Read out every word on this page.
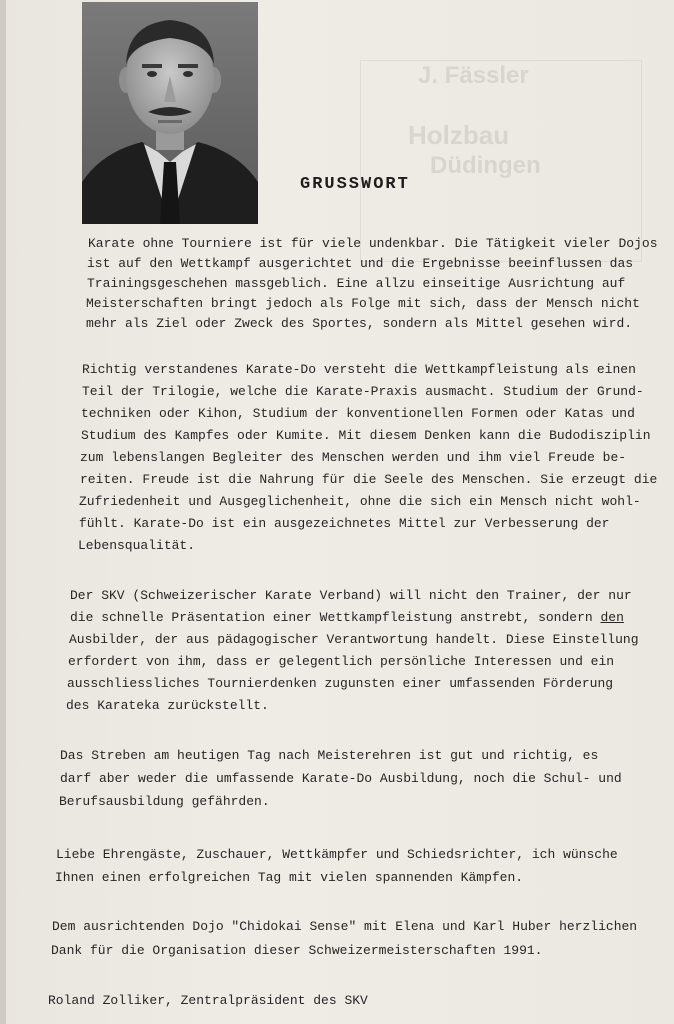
J. Fässler
Holzbau
Düdingen
GRUSSWORT
Karate ohne Tourniere ist für viele undenkbar. Die Tätigkeit vieler Dojos
ist auf den Wettkampf ausgerichtet und die Ergebnisse beeinflussen das
Trainingsgeschehen massgeblich. Eine allzu einseitige Ausrichtung auf
Meisterschaften bringt jedoch als Folge mit sich, dass der Mensch nicht
mehr als Ziel oder Zweck des Sportes, sondern als Mittel gesehen wird.
Richtig verstandenes Karate-Do versteht die Wettkampfleistung als einen
Teil der Trilogie, welche die Karate-Praxis ausmacht. Studium der Grund-
techniken oder Kihon, Studium der konventionellen Formen oder Katas und
Studium des Kampfes oder Kumite. Mit diesem Denken kann die Budodisziplin
zum lebenslangen Begleiter des Menschen werden und ihm viel Freude be-
reiten. Freude ist die Nahrung für die Seele des Menschen. Sie erzeugt die
Zufriedenheit und Ausgeglichenheit, ohne die sich ein Mensch nicht wohl-
fühlt. Karate-Do ist ein ausgezeichnetes Mittel zur Verbesserung der
Lebensqualität.
Der SKV (Schweizerischer Karate Verband) will nicht den Trainer, der nur
die schnelle Präsentation einer Wettkampfleistung anstrebt, sondern den
Ausbilder, der aus pädagogischer Verantwortung handelt. Diese Einstellung
erfordert von ihm, dass er gelegentlich persönliche Interessen und ein
ausschliessliches Tournierdenken zugunsten einer umfassenden Förderung
des Karateka zurückstellt.
Das Streben am heutigen Tag nach Meisterehren ist gut und richtig, es
darf aber weder die umfassende Karate-Do Ausbildung, noch die Schul- und
Berufsausbildung gefährden.
Liebe Ehrengäste, Zuschauer, Wettkämpfer und Schiedsrichter, ich wünsche
Ihnen einen erfolgreichen Tag mit vielen spannenden Kämpfen.
Dem ausrichtenden Dojo "Chidokai Sense" mit Elena und Karl Huber herzlichen
Dank für die Organisation dieser Schweizermeisterschaften 1991.
Roland Zolliker, Zentralpräsident des SKV
